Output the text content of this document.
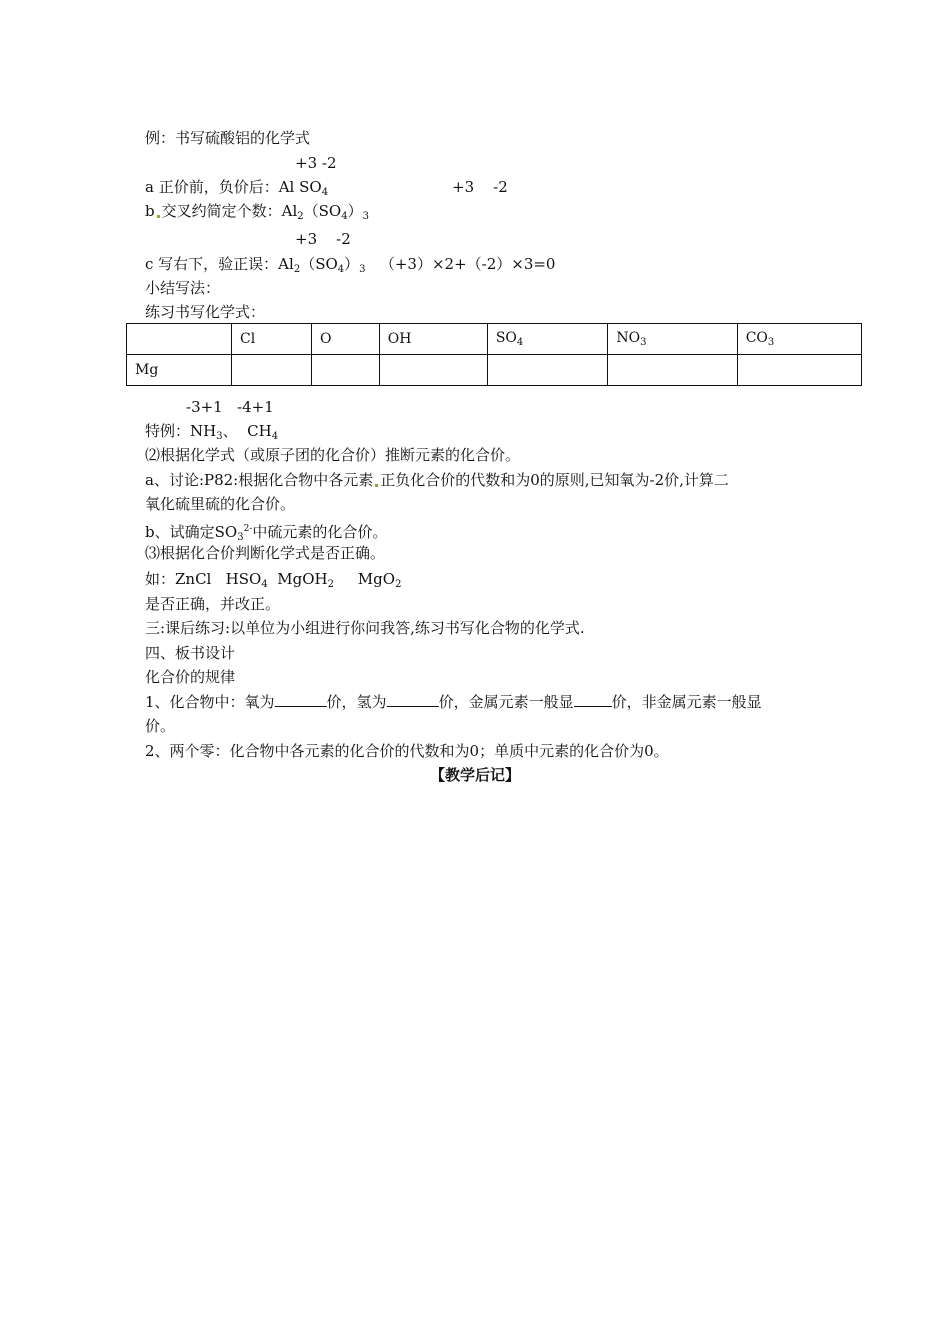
例：书写硫酸铝的化学式
+3 -2
a 正价前，负价后：Al $SO_4$	+3    -2
b 交叉约简定个数：$Al_2(SO_4)_3$
+3    -2
c 写右下，验正误：$Al_2(SO_4)_3$ （+3）×2+（-2）×3=0
小结写法：
练习书写化学式：
	Cl	O	OH	$SO_4$	$NO_3$	$CO_3$
Mg						
-3+1   -4+1
特例：$NH_3$、  $CH_4$
⑵根据化学式（或原子团的化合价）推断元素的化合价。
a、讨论:P82:根据化合物中各元素 正负化合价的代数和为0的原则,已知氧为-2价,计算二
氧化硫里硫的化合价。
b、试确定$SO_3^{2-}$中硫元素的化合价。
⑶根据化合价判断化学式是否正确。
如：ZnCl   $HSO_4$  MgOH$_2$     MgO$_2$
是否正确，并改正。
三:课后练习:以单位为小组进行你问我答,练习书写化合物的化学式.
四、板书设计
化合价的规律
1、化合物中：氧为	价，氢为	价，金属元素一般显	价，非金属元素一般显
价。
2、两个零：化合物中各元素的化合价的代数和为0；单质中元素的化合价为0。
【教学后记】
